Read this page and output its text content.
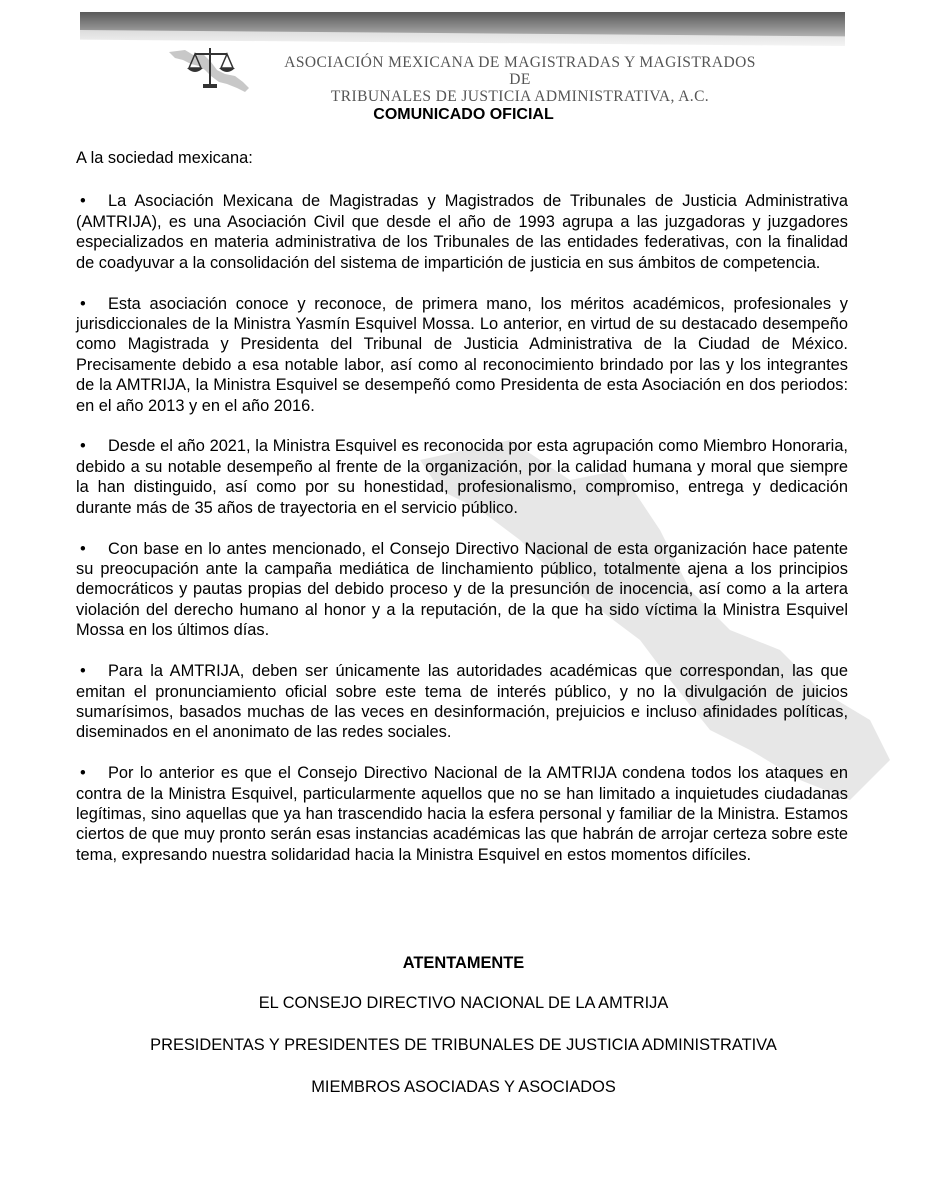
ASOCIACIÓN MEXICANA DE MAGISTRADAS Y MAGISTRADOS DE
TRIBUNALES DE JUSTICIA ADMINISTRATIVA, A.C.
COMUNICADO OFICIAL
A la sociedad mexicana:

• La Asociación Mexicana de Magistradas y Magistrados de Tribunales de Justicia Administrativa (AMTRIJA), es una Asociación Civil que desde el año de 1993 agrupa a las juzgadoras y juzgadores especializados en materia administrativa de los Tribunales de las entidades federativas, con la finalidad de coadyuvar a la consolidación del sistema de impartición de justicia en sus ámbitos de competencia.

• Esta asociación conoce y reconoce, de primera mano, los méritos académicos, profesionales y jurisdiccionales de la Ministra Yasmín Esquivel Mossa. Lo anterior, en virtud de su destacado desempeño como Magistrada y Presidenta del Tribunal de Justicia Administrativa de la Ciudad de México. Precisamente debido a esa notable labor, así como al reconocimiento brindado por las y los integrantes de la AMTRIJA, la Ministra Esquivel se desempeñó como Presidenta de esta Asociación en dos periodos: en el año 2013 y en el año 2016.

• Desde el año 2021, la Ministra Esquivel es reconocida por esta agrupación como Miembro Honoraria, debido a su notable desempeño al frente de la organización, por la calidad humana y moral que siempre la han distinguido, así como por su honestidad, profesionalismo, compromiso, entrega y dedicación durante más de 35 años de trayectoria en el servicio público.

• Con base en lo antes mencionado, el Consejo Directivo Nacional de esta organización hace patente su preocupación ante la campaña mediática de linchamiento público, totalmente ajena a los principios democráticos y pautas propias del debido proceso y de la presunción de inocencia, así como a la artera violación del derecho humano al honor y a la reputación, de la que ha sido víctima la Ministra Esquivel Mossa en los últimos días.

• Para la AMTRIJA, deben ser únicamente las autoridades académicas que correspondan, las que emitan el pronunciamiento oficial sobre este tema de interés público, y no la divulgación de juicios sumarísimos, basados muchas de las veces en desinformación, prejuicios e incluso afinidades políticas, diseminados en el anonimato de las redes sociales.

• Por lo anterior es que el Consejo Directivo Nacional de la AMTRIJA condena todos los ataques en contra de la Ministra Esquivel, particularmente aquellos que no se han limitado a inquietudes ciudadanas legítimas, sino aquellas que ya han trascendido hacia la esfera personal y familiar de la Ministra. Estamos ciertos de que muy pronto serán esas instancias académicas las que habrán de arrojar certeza sobre este tema, expresando nuestra solidaridad hacia la Ministra Esquivel en estos momentos difíciles.

ATENTAMENTE
EL CONSEJO DIRECTIVO NACIONAL DE LA AMTRIJA
PRESIDENTAS Y PRESIDENTES DE TRIBUNALES DE JUSTICIA ADMINISTRATIVA
MIEMBROS ASOCIADAS Y ASOCIADOS
